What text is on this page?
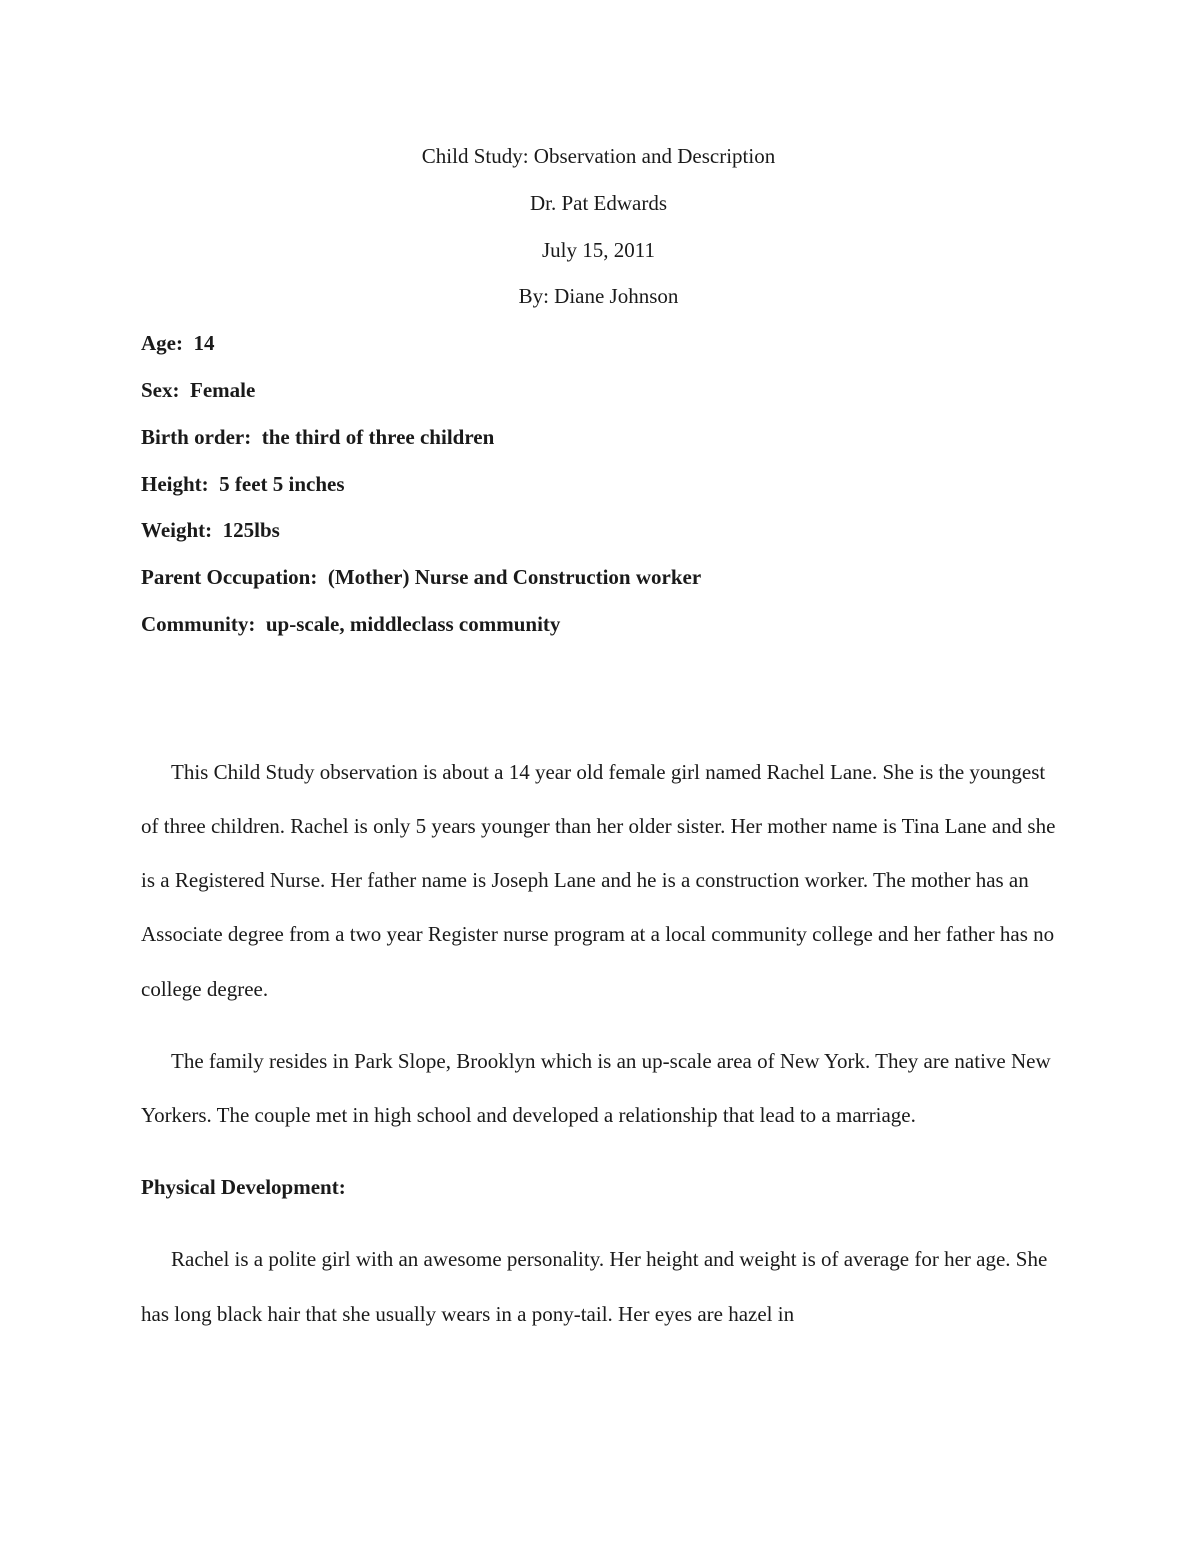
Child Study: Observation and Description
Dr. Pat Edwards
July 15, 2011
By: Diane Johnson
Age: 14
Sex: Female
Birth order: the third of three children
Height: 5 feet 5 inches
Weight: 125lbs
Parent Occupation: (Mother) Nurse and Construction worker
Community: up-scale, middleclass community

This Child Study observation is about a 14 year old female girl named Rachel Lane. She is the youngest of three children. Rachel is only 5 years younger than her older sister. Her mother name is Tina Lane and she is a Registered Nurse. Her father name is Joseph Lane and he is a construction worker. The mother has an Associate degree from a two year Register nurse program at a local community college and her father has no college degree.

The family resides in Park Slope, Brooklyn which is an up-scale area of New York. They are native New Yorkers. The couple met in high school and developed a relationship that lead to a marriage.

Physical Development:

Rachel is a polite girl with an awesome personality. Her height and weight is of average for her age. She has long black hair that she usually wears in a pony-tail. Her eyes are hazel in
